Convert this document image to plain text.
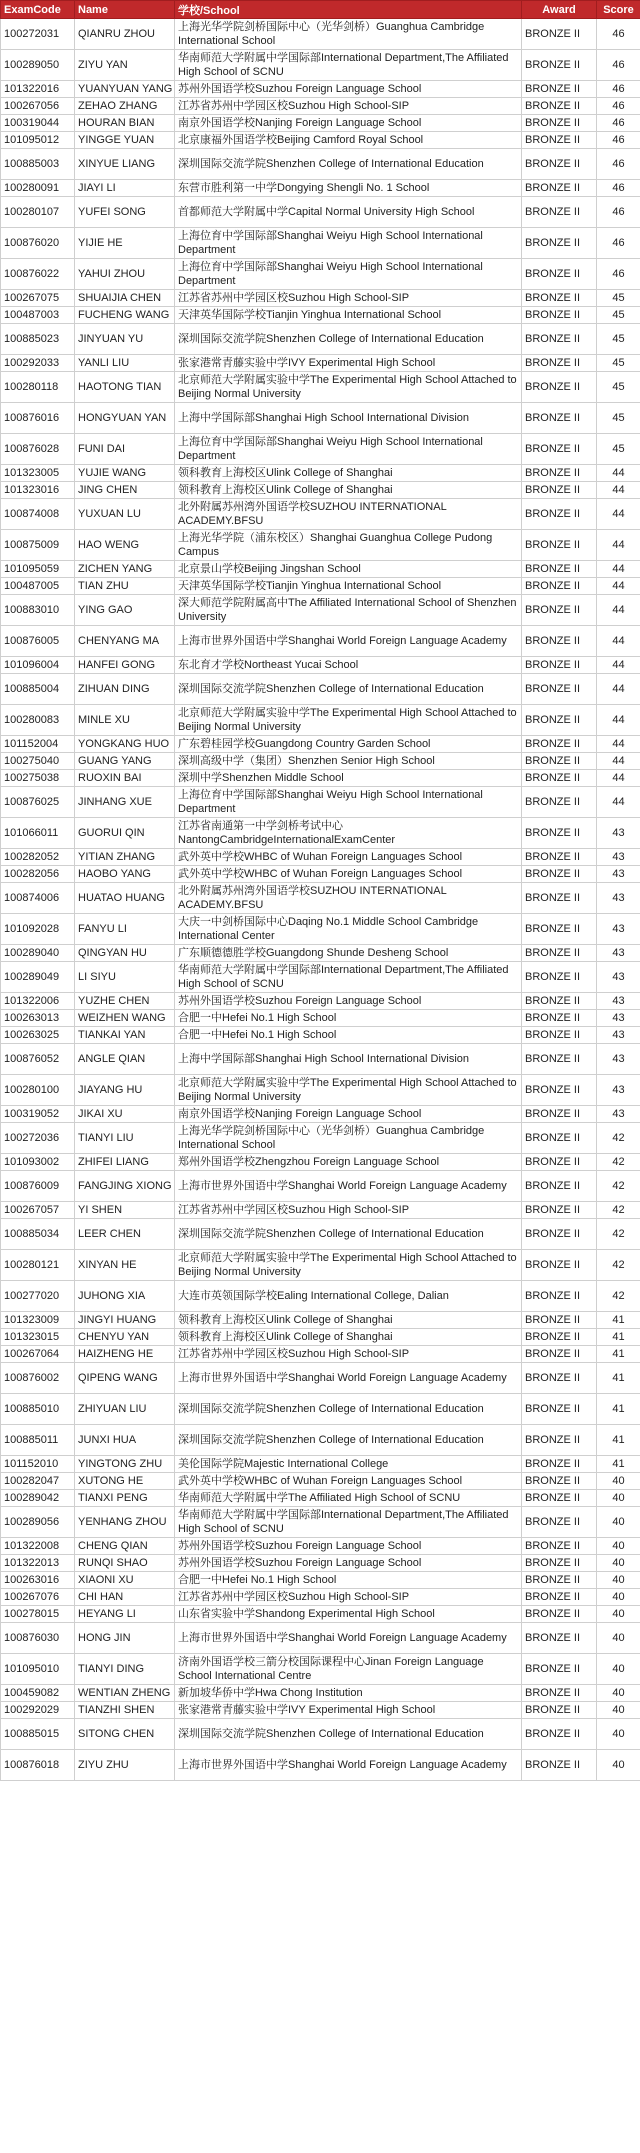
ExamCode	Name	学校/School	Award	Score
100272031	QIANRU ZHOU	上海光华学院剑桥国际中心（光华剑桥）Guanghua Cambridge International School	BRONZE II	46
100289050	ZIYU YAN	华南师范大学附属中学国际部International Department,The Affiliated High School of SCNU	BRONZE II	46
101322016	YUANYUAN YANG	苏州外国语学校Suzhou Foreign Language School	BRONZE II	46
100267056	ZEHAO ZHANG	江苏省苏州中学园区校Suzhou High School-SIP	BRONZE II	46
100319044	HOURAN BIAN	南京外国语学校Nanjing Foreign Language School	BRONZE II	46
101095012	YINGGE YUAN	北京康福外国语学校Beijing Camford Royal School	BRONZE II	46
100885003	XINYUE LIANG	深圳国际交流学院Shenzhen College of International Education	BRONZE II	46
100280091	JIAYI LI	东营市胜利第一中学Dongying Shengli No. 1 School	BRONZE II	46
100280107	YUFEI SONG	首都师范大学附属中学Capital Normal University High School	BRONZE II	46
100876020	YIJIE HE	上海位育中学国际部Shanghai Weiyu High School International Department	BRONZE II	46
100876022	YAHUI ZHOU	上海位育中学国际部Shanghai Weiyu High School International Department	BRONZE II	46
100267075	SHUAIJIA CHEN	江苏省苏州中学园区校Suzhou High School-SIP	BRONZE II	45
100487003	FUCHENG WANG	天津英华国际学校Tianjin Yinghua International School	BRONZE II	45
100885023	JINYUAN YU	深圳国际交流学院Shenzhen College of International Education	BRONZE II	45
100292033	YANLI LIU	张家港常青藤实验中学IVY Experimental High School	BRONZE II	45
100280118	HAOTONG TIAN	北京师范大学附属实验中学The Experimental High School Attached to Beijing Normal University	BRONZE II	45
100876016	HONGYUAN YAN	上海中学国际部Shanghai High School International Division	BRONZE II	45
100876028	FUNI DAI	上海位育中学国际部Shanghai Weiyu High School International Department	BRONZE II	45
101323005	YUJIE WANG	领科教育上海校区Ulink College of Shanghai	BRONZE II	44
101323016	JING CHEN	领科教育上海校区Ulink College of Shanghai	BRONZE II	44
100874008	YUXUAN LU	北外附属苏州湾外国语学校SUZHOU INTERNATIONAL ACADEMY.BFSU	BRONZE II	44
100875009	HAO WENG	上海光华学院（浦东校区）Shanghai Guanghua College Pudong Campus	BRONZE II	44
101095059	ZICHEN YANG	北京景山学校Beijing Jingshan School	BRONZE II	44
100487005	TIAN ZHU	天津英华国际学校Tianjin Yinghua International School	BRONZE II	44
100883010	YING GAO	深大师范学院附属高中The Affiliated International School of Shenzhen University	BRONZE II	44
100876005	CHENYANG MA	上海市世界外国语中学Shanghai World Foreign Language Academy	BRONZE II	44
101096004	HANFEI GONG	东北育才学校Northeast Yucai School	BRONZE II	44
100885004	ZIHUAN DING	深圳国际交流学院Shenzhen College of International Education	BRONZE II	44
100280083	MINLE XU	北京师范大学附属实验中学The Experimental High School Attached to Beijing Normal University	BRONZE II	44
101152004	YONGKANG HUO	广东碧桂园学校Guangdong Country Garden School	BRONZE II	44
100275040	GUANG YANG	深圳高级中学（集团）Shenzhen Senior High School	BRONZE II	44
100275038	RUOXIN BAI	深圳中学Shenzhen Middle School	BRONZE II	44
100876025	JINHANG XUE	上海位育中学国际部Shanghai Weiyu High School International Department	BRONZE II	44
101066011	GUORUI QIN	江苏省南通第一中学剑桥考试中心NantongCambridgeInternationalExamCenter	BRONZE II	43
100282052	YITIAN ZHANG	武外英中学校WHBC of Wuhan Foreign Languages School	BRONZE II	43
100282056	HAOBO YANG	武外英中学校WHBC of Wuhan Foreign Languages School	BRONZE II	43
100874006	HUATAO HUANG	北外附属苏州湾外国语学校SUZHOU INTERNATIONAL ACADEMY.BFSU	BRONZE II	43
101092028	FANYU LI	大庆一中剑桥国际中心Daqing No.1 Middle School Cambridge International Center	BRONZE II	43
100289040	QINGYAN HU	广东顺德德胜学校Guangdong Shunde Desheng School	BRONZE II	43
100289049	LI SIYU	华南师范大学附属中学国际部International Department,The Affiliated High School of SCNU	BRONZE II	43
101322006	YUZHE CHEN	苏州外国语学校Suzhou Foreign Language School	BRONZE II	43
100263013	WEIZHEN WANG	合肥一中Hefei No.1 High School	BRONZE II	43
100263025	TIANKAI YAN	合肥一中Hefei No.1 High School	BRONZE II	43
100876052	ANGLE QIAN	上海中学国际部Shanghai High School International Division	BRONZE II	43
100280100	JIAYANG HU	北京师范大学附属实验中学The Experimental High School Attached to Beijing Normal University	BRONZE II	43
100319052	JIKAI XU	南京外国语学校Nanjing Foreign Language School	BRONZE II	43
100272036	TIANYI LIU	上海光华学院剑桥国际中心（光华剑桥）Guanghua Cambridge International School	BRONZE II	42
101093002	ZHIFEI LIANG	郑州外国语学校Zhengzhou Foreign Language School	BRONZE II	42
100876009	FANGJING XIONG	上海市世界外国语中学Shanghai World Foreign Language Academy	BRONZE II	42
100267057	YI SHEN	江苏省苏州中学园区校Suzhou High School-SIP	BRONZE II	42
100885034	LEER CHEN	深圳国际交流学院Shenzhen College of International Education	BRONZE II	42
100280121	XINYAN HE	北京师范大学附属实验中学The Experimental High School Attached to Beijing Normal University	BRONZE II	42
100277020	JUHONG XIA	大连市英领国际学校Ealing International College, Dalian	BRONZE II	42
101323009	JINGYI HUANG	领科教育上海校区Ulink College of Shanghai	BRONZE II	41
101323015	CHENYU YAN	领科教育上海校区Ulink College of Shanghai	BRONZE II	41
100267064	HAIZHENG HE	江苏省苏州中学园区校Suzhou High School-SIP	BRONZE II	41
100876002	QIPENG WANG	上海市世界外国语中学Shanghai World Foreign Language Academy	BRONZE II	41
100885010	ZHIYUAN LIU	深圳国际交流学院Shenzhen College of International Education	BRONZE II	41
100885011	JUNXI HUA	深圳国际交流学院Shenzhen College of International Education	BRONZE II	41
101152010	YINGTONG ZHU	美伦国际学院Majestic International College	BRONZE II	41
100282047	XUTONG HE	武外英中学校WHBC of Wuhan Foreign Languages School	BRONZE II	40
100289042	TIANXI PENG	华南师范大学附属中学The Affiliated High School of SCNU	BRONZE II	40
100289056	YENHANG ZHOU	华南师范大学附属中学国际部International Department,The Affiliated High School of SCNU	BRONZE II	40
101322008	CHENG QIAN	苏州外国语学校Suzhou Foreign Language School	BRONZE II	40
101322013	RUNQI SHAO	苏州外国语学校Suzhou Foreign Language School	BRONZE II	40
100263016	XIAONI XU	合肥一中Hefei No.1 High School	BRONZE II	40
100267076	CHI HAN	江苏省苏州中学园区校Suzhou High School-SIP	BRONZE II	40
100278015	HEYANG LI	山东省实验中学Shandong Experimental High School	BRONZE II	40
100876030	HONG JIN	上海市世界外国语中学Shanghai World Foreign Language Academy	BRONZE II	40
101095010	TIANYI DING	济南外国语学校三箭分校国际课程中心Jinan Foreign Language School International Centre	BRONZE II	40
100459082	WENTIAN ZHENG	新加坡华侨中学Hwa Chong Institution	BRONZE II	40
100292029	TIANZHI SHEN	张家港常青藤实验中学IVY Experimental High School	BRONZE II	40
100885015	SITONG CHEN	深圳国际交流学院Shenzhen College of International Education	BRONZE II	40
100876018	ZIYU ZHU	上海市世界外国语中学Shanghai World Foreign Language Academy	BRONZE II	40
